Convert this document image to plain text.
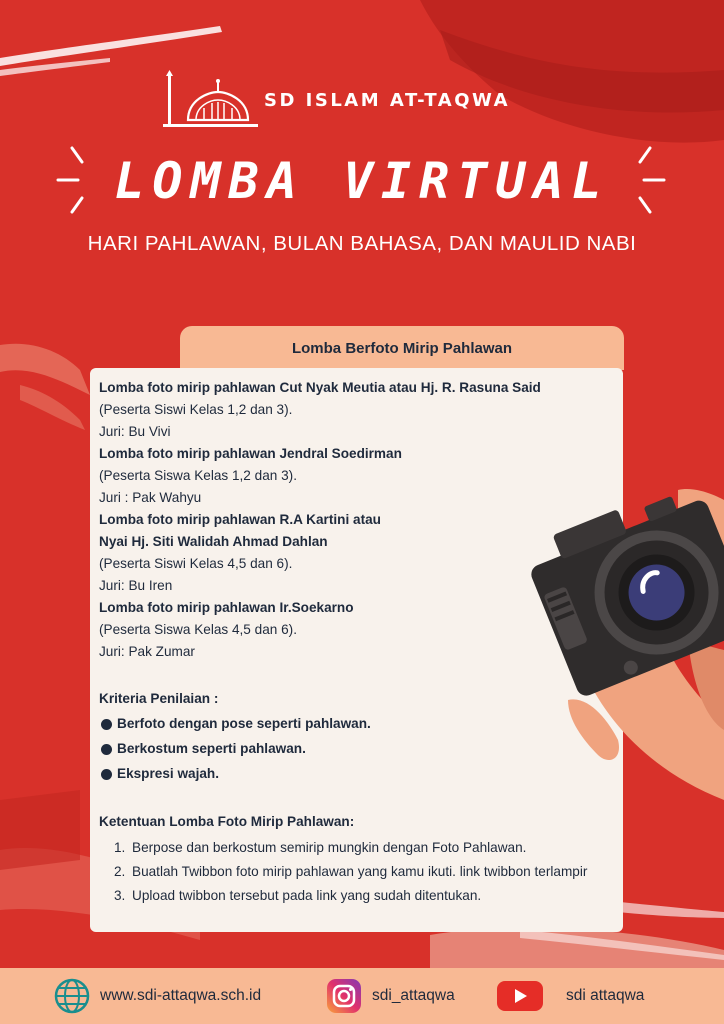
SD ISLAM AT-TAQWA
LOMBA VIRTUAL
HARI PAHLAWAN, BULAN BAHASA, DAN MAULID NABI
Lomba Berfoto Mirip Pahlawan
Lomba foto mirip pahlawan Cut Nyak Meutia atau Hj. R. Rasuna Said
(Peserta Siswi Kelas 1,2 dan 3).
Juri: Bu Vivi
Lomba foto mirip pahlawan Jendral Soedirman
(Peserta Siswa Kelas 1,2 dan 3).
Juri : Pak Wahyu
Lomba foto mirip pahlawan R.A Kartini atau
Nyai Hj. Siti Walidah Ahmad Dahlan
(Peserta Siswi Kelas 4,5 dan 6).
Juri: Bu Iren
Lomba foto mirip pahlawan Ir.Soekarno
(Peserta Siswa Kelas 4,5 dan 6).
Juri: Pak Zumar
Kriteria Penilaian :
Berfoto dengan pose seperti pahlawan.
Berkostum seperti pahlawan.
Ekspresi wajah.
Ketentuan Lomba Foto Mirip Pahlawan:
1. Berpose dan berkostum semirip mungkin dengan Foto Pahlawan.
2. Buatlah Twibbon foto mirip pahlawan yang kamu ikuti. link twibbon terlampir
3. Upload twibbon tersebut pada link yang sudah ditentukan.
www.sdi-attaqwa.sch.id	sdi_attaqwa	sdi attaqwa
